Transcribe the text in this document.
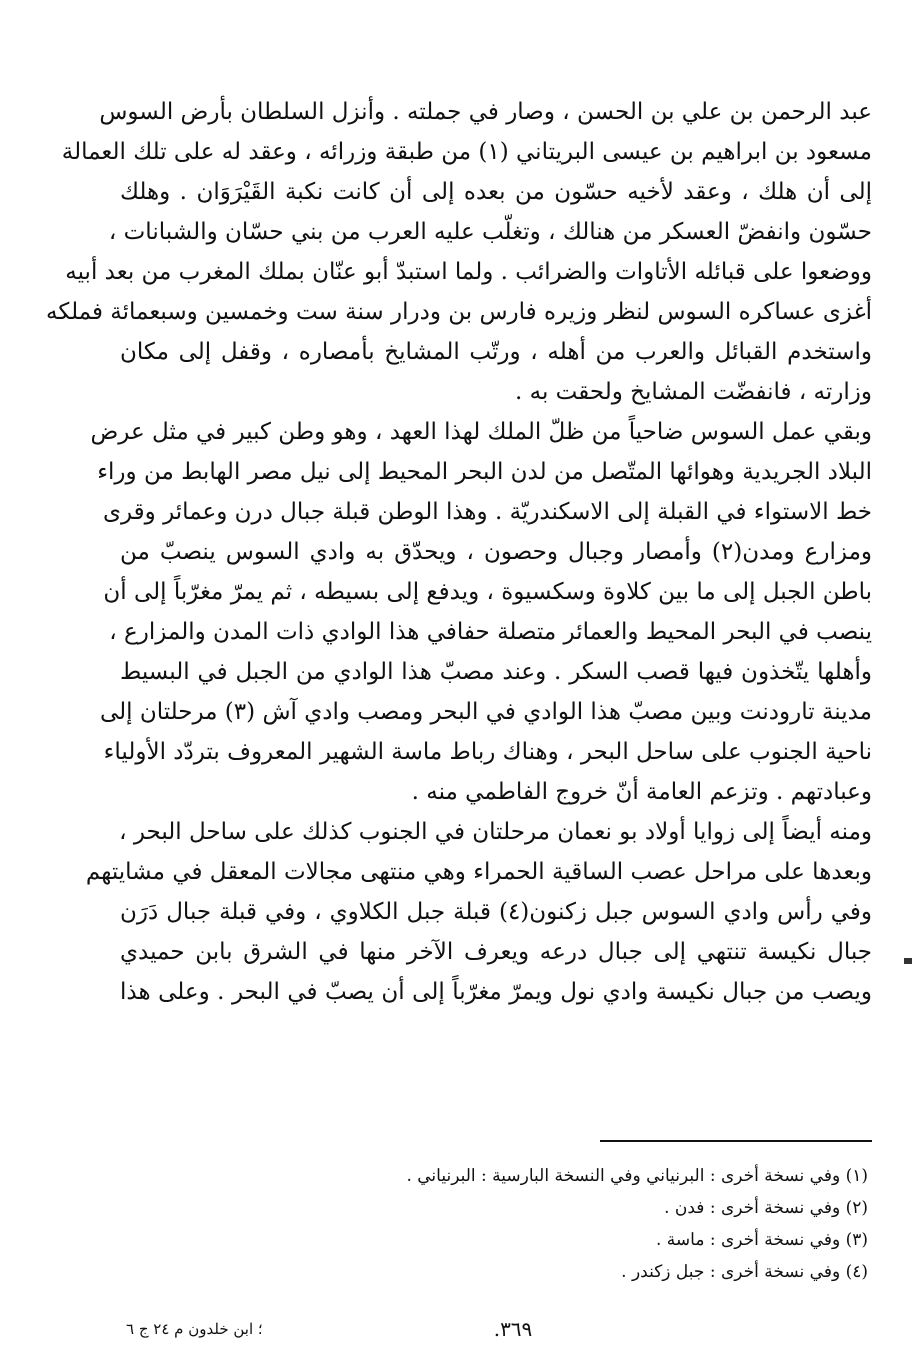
عبد الرحمن بن علي بن الحسن ، وصار في جملته . وأنزل السلطان بأرض السوس
مسعود بن ابراهيم بن عيسى البريتاني (١) من طبقة وزرائه ، وعقد له على تلك العمالة
إلى أن هلك ، وعقد لأخيه حسّون من بعده إلى أن كانت نكبة القَيْرَوَان . وهلك
حسّون وانفضّ العسكر من هنالك ، وتغلّب عليه العرب من بني حسّان والشبانات ،
ووضعوا على قبائله الأتاوات والضرائب . ولما استبدّ أبو عنّان بملك المغرب من بعد أبيه
أغزى عساكره السوس لنظر وزيره فارس بن ودرار سنة ست وخمسين وسبعمائة فملكه
واستخدم القبائل والعرب من أهله ، ورتّب المشايخ بأمصاره ، وقفل إلى مكان
وزارته ، فانفضّت المشايخ ولحقت به .
وبقي عمل السوس ضاحياً من ظلّ الملك لهذا العهد ، وهو وطن كبير في مثل عرض
البلاد الجريدية وهوائها المتّصل من لدن البحر المحيط إلى نيل مصر الهابط من وراء
خط الاستواء في القبلة إلى الاسكندريّة . وهذا الوطن قبلة جبال درن وعمائر وقرى
ومزارع ومدن(٢) وأمصار وجبال وحصون ، ويحدّق به وادي السوس ينصبّ من
باطن الجبل إلى ما بين كلاوة وسكسيوة ، ويدفع إلى بسيطه ، ثم يمرّ مغرّباً إلى أن
ينصب في البحر المحيط والعمائر متصلة حفافي هذا الوادي ذات المدن والمزارع ،
وأهلها يتّخذون فيها قصب السكر . وعند مصبّ هذا الوادي من الجبل في البسيط
مدينة تارودنت وبين مصبّ هذا الوادي في البحر ومصب وادي آش (٣) مرحلتان إلى
ناحية الجنوب على ساحل البحر ، وهناك رباط ماسة الشهير المعروف بتردّد الأولياء
وعبادتهم . وتزعم العامة أنّ خروج الفاطمي منه .
ومنه أيضاً إلى زوايا أولاد بو نعمان مرحلتان في الجنوب كذلك على ساحل البحر ،
وبعدها على مراحل عصب الساقية الحمراء وهي منتهى مجالات المعقل في مشايتهم
وفي رأس وادي السوس جبل زكنون(٤) قبلة جبل الكلاوي ، وفي قبلة جبال دَرَن
جبال نكيسة تنتهي إلى جبال درعه ويعرف الآخر منها في الشرق بابن حميدي
ويصب من جبال نكيسة وادي نول ويمرّ مغرّباً إلى أن يصبّ في البحر . وعلى هذا
(١) وفي نسخة أخرى : البرنياني وفي النسخة البارسية : البرنياني .
(٢) وفي نسخة أخرى : فدن .
(٣) وفي نسخة أخرى : ماسة .
(٤) وفي نسخة أخرى : جبل زكندر .
٣٦٩.
؛ ابن خلدون م ٢٤ ج ٦
